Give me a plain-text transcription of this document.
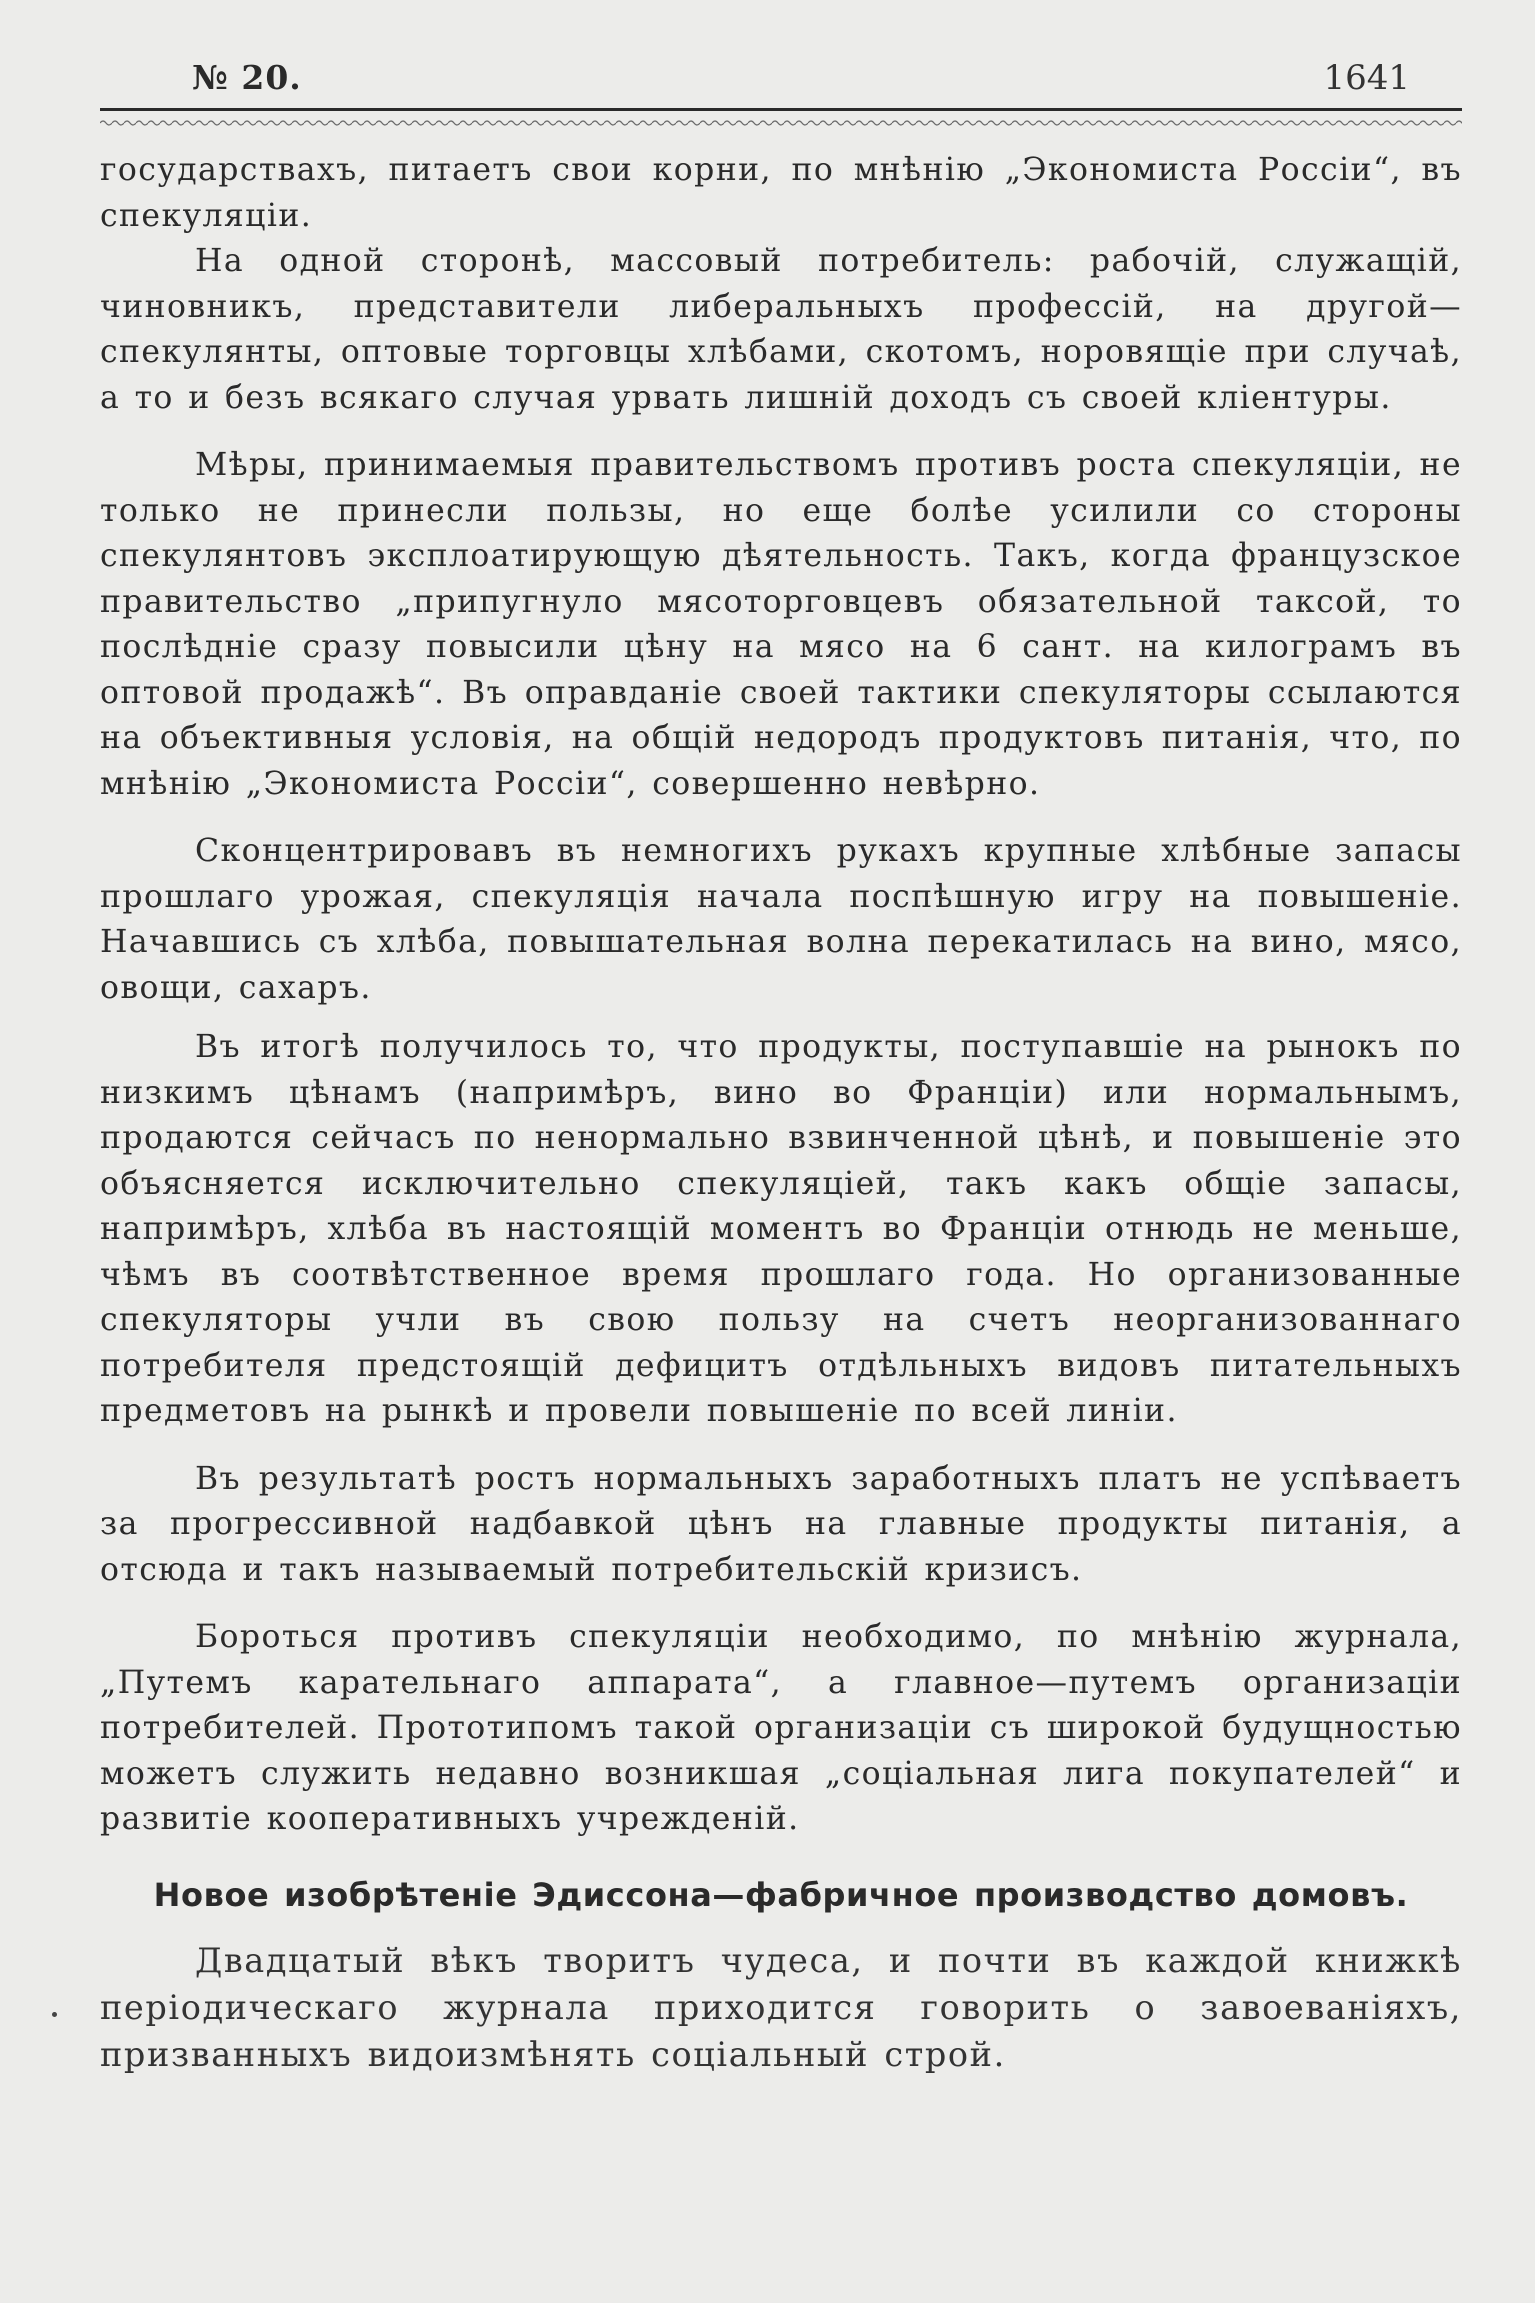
№ 20.	1641

государствахъ, питаетъ свои корни, по мнѣнію „Экономиста Россіи“, въ спекуляціи.

На одной сторонѣ, массовый потребитель: рабочій, служащій, чиновникъ, представители либеральныхъ профессій, на другой—спекулянты, оптовые торговцы хлѣбами, скотомъ, норовящіе при случаѣ, а то и безъ всякаго случая урвать лишній доходъ съ своей кліентуры.

Мѣры, принимаемыя правительствомъ противъ роста спекуляціи, не только не принесли пользы, но еще болѣе усилили со стороны спекулянтовъ эксплоатирующую дѣятельность. Такъ, когда французское правительство „припугнуло мясоторговцевъ обязательной таксой, то послѣдніе сразу повысили цѣну на мясо на 6 сант. на килограмъ въ оптовой продажѣ“. Въ оправданіе своей тактики спекуляторы ссылаются на объективныя условія, на общій недородъ продуктовъ питанія, что, по мнѣнію „Экономиста Россіи“, совершенно невѣрно.

Сконцентрировавъ въ немногихъ рукахъ крупные хлѣбные запасы прошлаго урожая, спекуляція начала поспѣшную игру на повышеніе. Начавшись съ хлѣба, повышательная волна перекатилась на вино, мясо, овощи, сахаръ.

Въ итогѣ получилось то, что продукты, поступавшіе на рынокъ по низкимъ цѣнамъ (напримѣръ, вино во Франціи) или нормальнымъ, продаются сейчасъ по ненормально взвинченной цѣнѣ, и повышеніе это объясняется исключительно спекуляціей, такъ какъ общіе запасы, напримѣръ, хлѣба въ настоящій моментъ во Франціи отнюдь не меньше, чѣмъ въ соотвѣтственное время прошлаго года. Но организованные спекуляторы учли въ свою пользу на счетъ неорганизованнаго потребителя предстоящій дефицитъ отдѣльныхъ видовъ питательныхъ предметовъ на рынкѣ и провели повышеніе по всей линіи.

Въ результатѣ ростъ нормальныхъ заработныхъ платъ не успѣваетъ за прогрессивной надбавкой цѣнъ на главные продукты питанія, а отсюда и такъ называемый потребительскій кризисъ.

Бороться противъ спекуляціи необходимо, по мнѣнію журнала, „Путемъ карательнаго аппарата“, а главное—путемъ организаціи потребителей. Прототипомъ такой организаціи съ широкой будущностью можетъ служить недавно возникшая „соціальная лига покупателей“ и развитіе кооперативныхъ учрежденій.

Новое изобрѣтеніе Эдиссона—фабричное производство домовъ.

Двадцатый вѣкъ творитъ чудеса, и почти въ каждой книжкѣ періодическаго журнала приходится говорить о завоеваніяхъ, призванныхъ видоизмѣнять соціальный строй.
